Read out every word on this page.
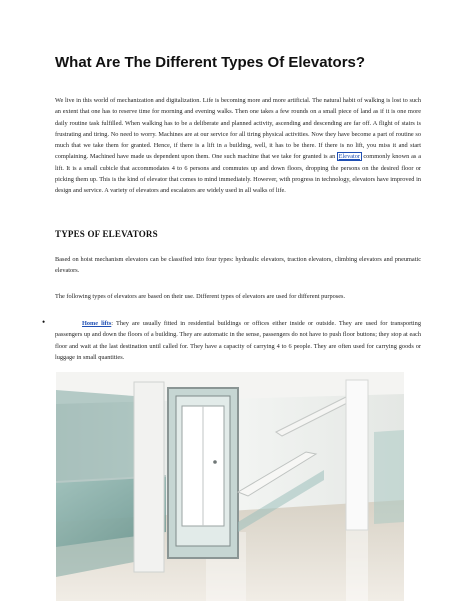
What Are The Different Types Of Elevators?

We live in this world of mechanization and digitalization. Life is becoming more and more artificial. The natural habit of walking is lost to such an extent that one has to reserve time for morning and evening walks. Then one takes a few rounds on a small piece of land as if it is one more daily routine task fulfilled. When walking has to be a deliberate and planned activity, ascending and descending are far off. A flight of stairs is frustrating and tiring. No need to worry. Machines are at our service for all tiring physical activities. Now they have become a part of routine so much that we take them for granted. Hence, if there is a lift in a building, well, it has to be there. If there is no lift, you miss it and start complaining. Machined have made us dependent upon them. One such machine that we take for granted is an Elevator commonly known as a lift. It is a small cubicle that accommodates 4 to 6 persons and commutes up and down floors, dropping the persons on the desired floor or picking them up. This is the kind of elevator that comes to mind immediately. However, with progress in technology, elevators have improved in design and service. A variety of elevators and escalators are widely used in all walks of life.

TYPES OF ELEVATORS

Based on hoist mechanism elevators can be classified into four types: hydraulic elevators, traction elevators, climbing elevators and pneumatic elevators.

The following types of elevators are based on their use. Different types of elevators are used for different purposes.

•	Home lifts: They are usually fitted in residential buildings or offices either inside or outside. They are used for transporting passengers up and down the floors of a building. They are automatic in the sense, passengers do not have to push floor buttons; they stop at each floor and wait at the last destination until called for. They have a capacity of carrying 4 to 6 people. They are often used for carrying goods or luggage in small quantities.
